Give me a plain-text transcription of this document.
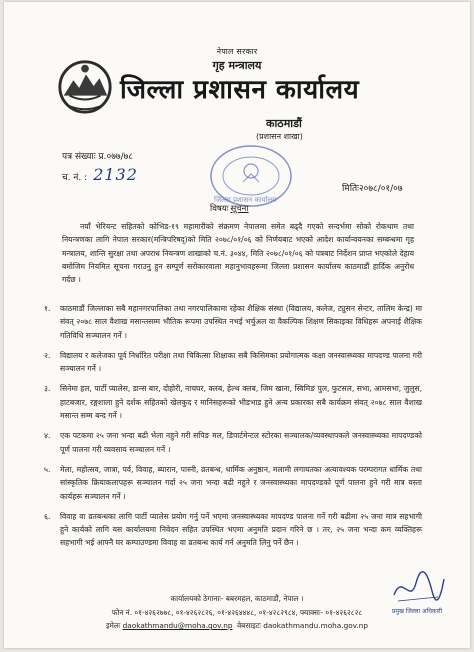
नेपाल सरकार
गृह मन्त्रालय
जिल्ला प्रशासन कार्यालय
काठमाडौं
(प्रशासन शाखा)
जिल्ला प्रशासन कार्यालय
पत्र संख्याः प्र.०७७/७८
च. नं. : 2132
मितिः२०७८/०१/०७
विषयः सूचना
नयाँ भेरियन्ट सहितको कोभिड-१९ महामारीको संक्रमण नेपालमा समेत बढ्दै गएको सन्दर्भमा सोको रोकथाम तथा नियन्त्रणका लागि नेपाल सरकार(मन्त्रिपरिषद्)को मिति २०७८/०१/०६ को निर्णयबाट भएको आदेश कार्यान्वयनका सम्बन्धमा गृह मन्त्रालय, शान्ति सुरक्षा तथा अपराध नियन्त्रण शाखाको च.नं. ३०४४, मिति २०७८/०१/०६ को पत्रबाट निर्देशन प्राप्त भएकोले देहाय बमोजिम नियमित सूचना गराउनु हुन सम्पूर्ण सरोकारवाला महानुभावहरूमा जिल्ला प्रशासन कार्यालय काठमाडौं हार्दिक अनुरोध गर्दछ ।
१.	काठमाडौं जिल्लाका सबै महानगरपालिका तथा नगरपालिकामा रहेका शैक्षिक संस्था (विद्यालय, कलेज, ट्युसन सेन्टर, तालिम केन्द्र) मा संवत् २०७८ साल वैशाख मसान्तसम्म भौतिक रूपमा उपस्थित नभई भर्चुअल वा वैकल्पिक शिक्षण सिकाइका विधिहरू अपनाई शैक्षिक गतिविधि सञ्चालन गर्ने ।
२.	विद्यालय र कलेजका पूर्व निर्धारित परीक्षा तथा चिकित्सा शिक्षाका सबै किसिमका प्रयोगात्मक कक्षा जनस्वास्थ्यका मापदण्ड पालना गरी सञ्चालन गर्ने ।
३.	सिनेमा हल, पार्टी प्यालेस, डान्स बार, दोहोरी, नाचघर, क्लब, हेल्थ क्लब, जिम खाना, स्विमिङ पुल, फुटसल, सभा, आमसभा, जुलुस, हाटबजार, रङ्गशाला हुने दर्शक सहितको खेलकुद र मानिसहरूको भीडभाड हुने अन्य प्रकारका सबै कार्यक्रम संवत् २०७८ साल वैशाख मसान्त सम्म बन्द गर्ने ।
४.	एक पटकमा २५ जना भन्दा बढी भेला नहुने गरी सपिङ मल, डिपार्टमेन्टल स्टोरका सञ्चालक/व्यवस्थापकले जनस्वास्थ्यका मापदण्डको पूर्ण पालना गरी व्यवसाय सञ्चालन गर्ने ।
५.	मेला, महोत्सव, जात्रा, पर्व, विवाह, ब्यारान, पास्नी, व्रतबन्ध, धार्मिक अनुष्ठान, मलामी लगायतका अत्यावश्यक परम्परागत धार्मिक तथा सांस्कृतिक क्रियाकलापहरू सञ्चालन गर्दा २५ जना भन्दा बढी नहुने र जनस्वास्थ्यका मापदण्डको पूर्ण पालना हुने गरी मात्र यस्ता कार्यहरू सञ्चालन गर्ने ।
६.	विवाह वा व्रतबन्धका लागि पार्टी प्यालेस प्रयोग गर्नु पर्ने भएमा जनस्वास्थ्यका मापदण्ड पालना गर्ने गरी बढीमा २५ जना मात्र सहभागी हुने कार्यको लागि यस कार्यालयमा निवेदन सहित उपस्थित भएमा अनुमति प्रदान गरिने छ । तर, २५ जना भन्दा कम व्यक्तिहरू सहभागी भई आफ्नै घर कम्पाउण्डमा विवाह वा व्रतबन्ध कार्य गर्न अनुमति लिनु पर्ने छैन ।
प्रमुख जिल्ला अधिकारी
कार्यालयको ठेगानाः- बबरमहल, काठमाडौं, नेपाल ।
फोन नं. ०१-४२६२७७८, ०१-४२६२८२६, ०१-४२६४४४८, ०१-४२८२९८४, फ्याक्सः- ०१-४२६२८२८
इमेलः daokathmandu@moha.gov.np वेबसाइटः daokathmandu.moha.gov.np
